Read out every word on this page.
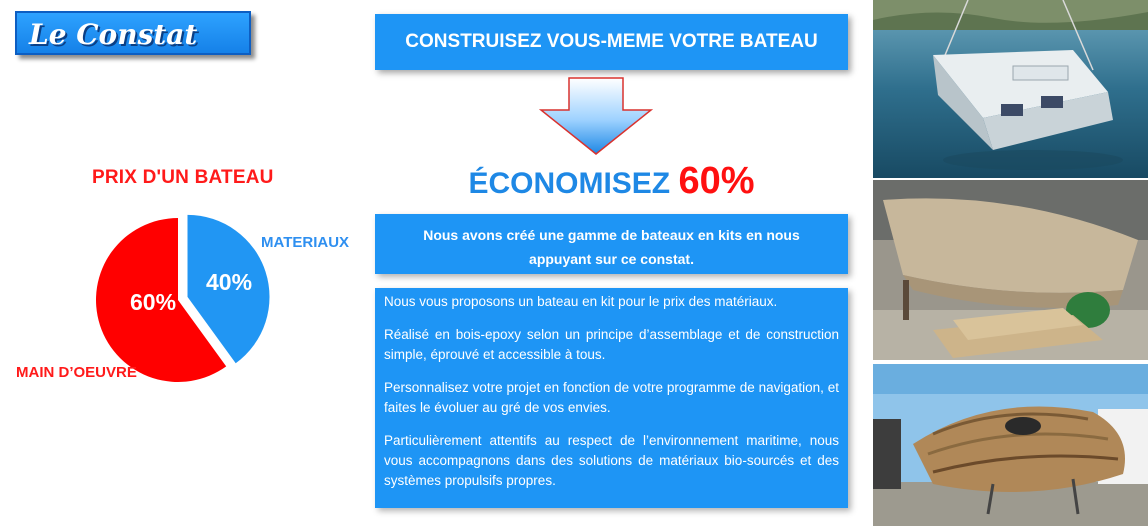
Le Constat
PRIX D'UN BATEAU
60%
40%
MATERIAUX
MAIN D’OEUVRE
CONSTRUISEZ VOUS-MEME VOTRE BATEAU
ÉCONOMISEZ 60%
Nous avons créé une gamme de bateaux en kits en nous appuyant sur ce constat.

Nous vous proposons un bateau en kit pour le prix des matériaux.

Réalisé en bois-epoxy selon un principe d’assemblage et de construction simple, éprouvé et accessible à tous.

Personnalisez votre projet en fonction de votre programme de navigation, et faites le évoluer au gré de vos envies.

Particulièrement attentifs au respect de l’environnement maritime, nous vous accompagnons dans des solutions de matériaux bio-sourcés et des systèmes propulsifs propres.
